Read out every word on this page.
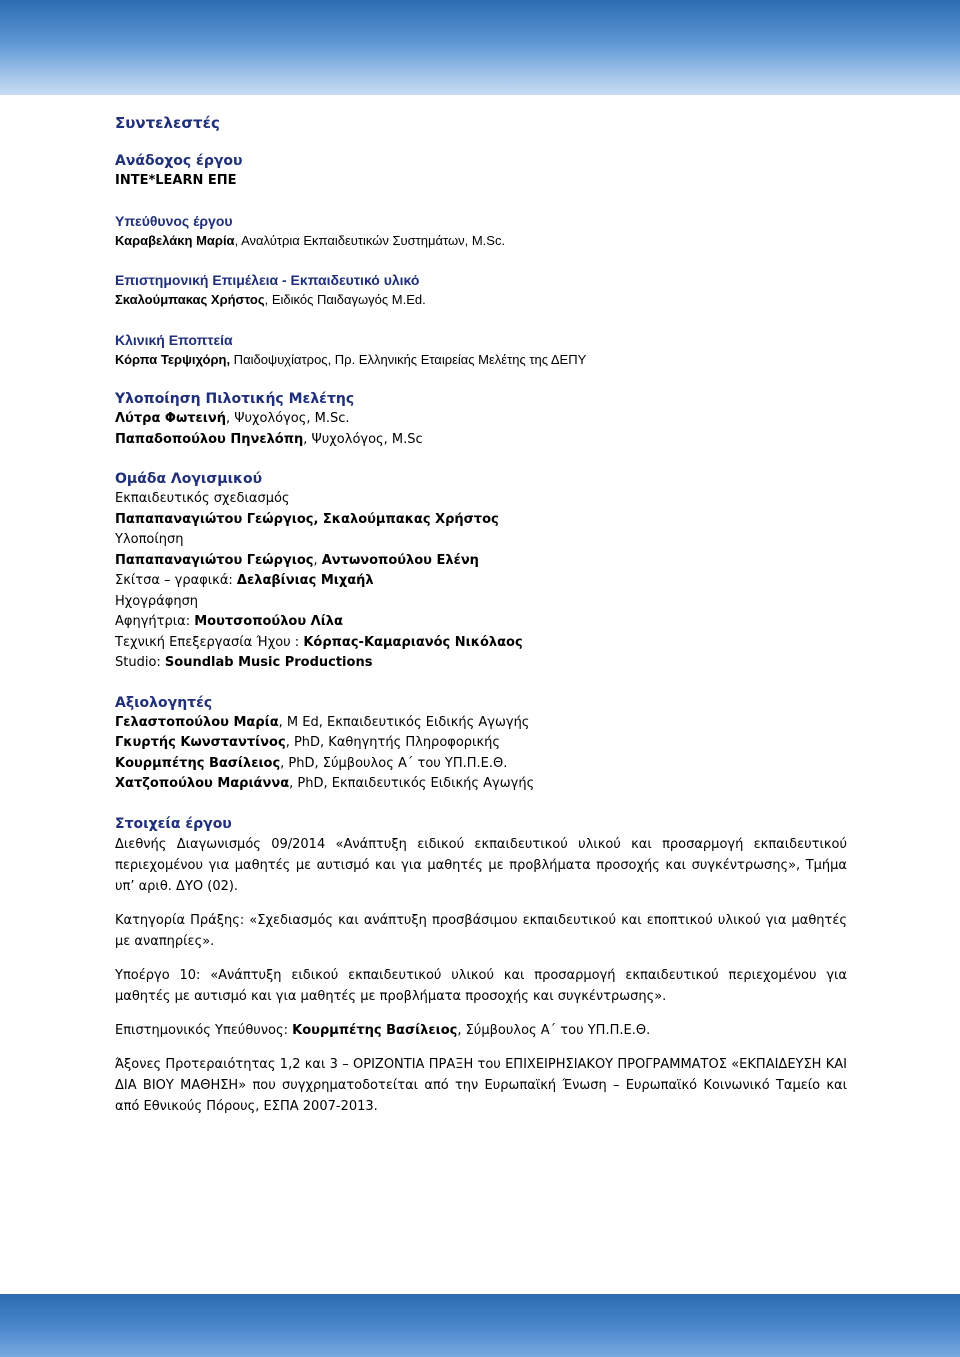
Συντελεστές
Ανάδοχος έργου
INTE*LEARN ΕΠΕ
Υπεύθυνος έργου
Καραβελάκη Μαρία, Αναλύτρια Εκπαιδευτικών Συστημάτων, M.Sc.
Επιστημονική Επιμέλεια - Εκπαιδευτικό υλικό
Σκαλούμπακας Χρήστος, Ειδικός Παιδαγωγός M.Ed.
Κλινική Εποπτεία
Κόρπα Τερψιχόρη, Παιδοψυχίατρος, Πρ. Ελληνικής Εταιρείας Μελέτης της ΔΕΠΥ
Υλοποίηση Πιλοτικής Μελέτης
Λύτρα Φωτεινή, Ψυχολόγος, M.Sc.
Παπαδοπούλου Πηνελόπη, Ψυχολόγος, M.Sc
Ομάδα Λογισμικού
Εκπαιδευτικός σχεδιασμός
Παπαπαναγιώτου Γεώργιος, Σκαλούμπακας Χρήστος
Υλοποίηση
Παπαπαναγιώτου Γεώργιος, Αντωνοπούλου Ελένη
Σκίτσα – γραφικά: Δελαβίνιας Μιχαήλ
Ηχογράφηση
Αφηγήτρια: Μουτσοπούλου Λίλα
Τεχνική Επεξεργασία Ήχου : Κόρπας-Καμαριανός Νικόλαος
Studio: Soundlab Music Productions
Αξιολογητές
Γελαστοπούλου Μαρία, Μ Ed, Εκπαιδευτικός Ειδικής Αγωγής
Γκυρτής Κωνσταντίνος, PhD, Καθηγητής Πληροφορικής
Κουρμπέτης Βασίλειος, PhD, Σύμβουλος Α΄ του ΥΠ.Π.Ε.Θ.
Χατζοπούλου Μαριάννα, PhD, Εκπαιδευτικός Ειδικής Αγωγής
Στοιχεία έργου

Διεθνής Διαγωνισμός 09/2014 «Ανάπτυξη ειδικού εκπαιδευτικού υλικού και προσαρμογή εκπαιδευτικού περιεχομένου για μαθητές με αυτισμό και για μαθητές με προβλήματα προσοχής και συγκέντρωσης», Τμήμα υπ’ αριθ. ΔΥΟ (02).

Κατηγορία Πράξης: «Σχεδιασμός και ανάπτυξη προσβάσιμου εκπαιδευτικού και εποπτικού υλικού για μαθητές με αναπηρίες».

Υποέργο 10: «Ανάπτυξη ειδικού εκπαιδευτικού υλικού και προσαρμογή εκπαιδευτικού περιεχομένου για μαθητές με αυτισμό και για μαθητές με προβλήματα προσοχής και συγκέντρωσης».

Επιστημονικός Υπεύθυνος: Κουρμπέτης Βασίλειος, Σύμβουλος Α΄ του ΥΠ.Π.Ε.Θ.

Άξονες Προτεραιότητας 1,2 και 3 – ΟΡΙΖΟΝΤΙΑ ΠΡΑΞΗ του ΕΠΙΧΕΙΡΗΣΙΑΚΟΥ ΠΡΟΓΡΑΜΜΑΤΟΣ «ΕΚΠΑΙΔΕΥΣΗ ΚΑΙ ΔΙΑ ΒΙΟΥ ΜΑΘΗΣΗ» που συγχρηματοδοτείται από την Ευρωπαϊκή Ένωση – Ευρωπαϊκό Κοινωνικό Ταμείο και από Εθνικούς Πόρους, ΕΣΠΑ 2007-2013.
